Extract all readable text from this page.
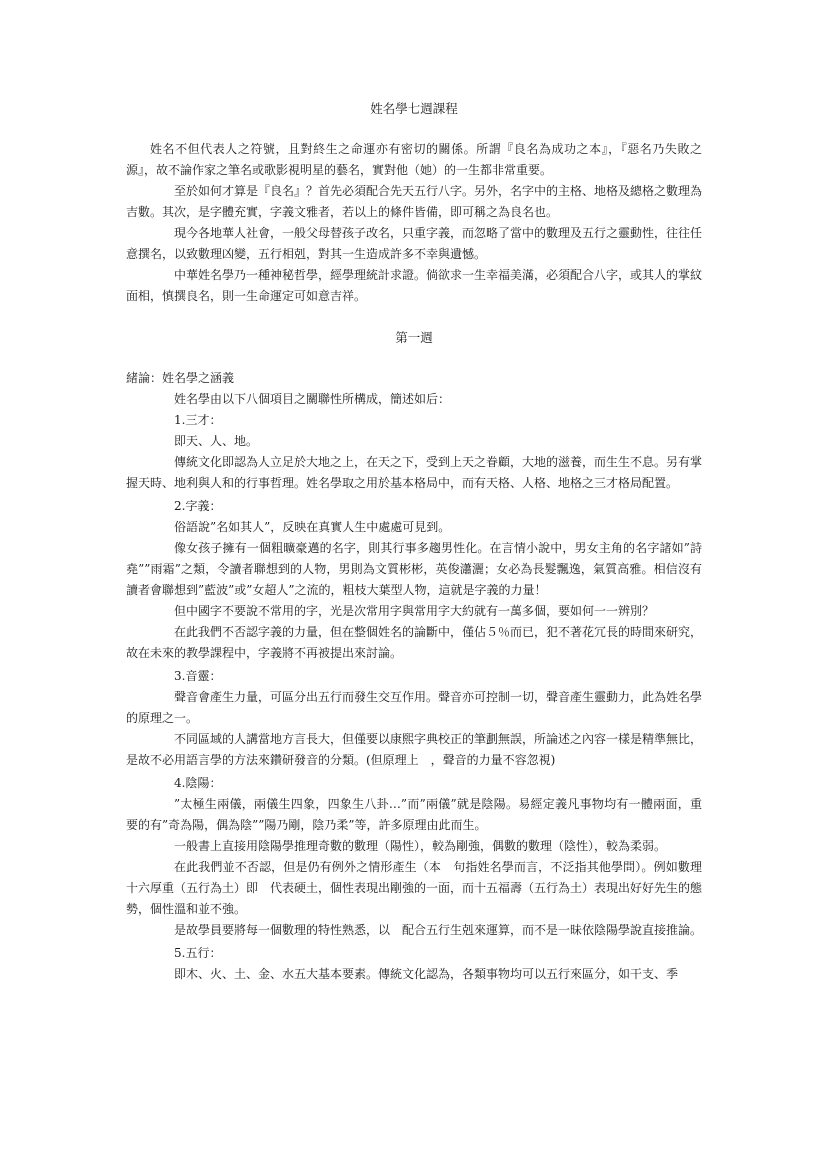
姓名學七週課程

姓名不但代表人之符號，且對終生之命運亦有密切的關係。所謂『良名為成功之本』，『惡名乃失敗之源』，故不論作家之筆名或歌影視明星的藝名，實對他（她）的一生都非常重要。

至於如何才算是『良名』？首先必須配合先天五行八字。另外，名字中的主格、地格及總格之數理為吉數。其次，是字體充實，字義文雅者，若以上的條件皆備，即可稱之為良名也。

現今各地華人社會，一般父母替孩子改名，只重字義，而忽略了當中的數理及五行之靈動性，往往任意撰名，以致數理凶變，五行相剋，對其一生造成許多不幸與遺憾。

中華姓名學乃一種神秘哲學，經學理統計求證。倘欲求一生幸福美滿，必須配合八字，或其人的掌紋面相，慎撰良名，則一生命運定可如意吉祥。

第一週

緒論：姓名學之涵義

姓名學由以下八個項目之關聯性所構成，簡述如后：

1.三才：

即天、人、地。

傳統文化即認為人立足於大地之上，在天之下，受到上天之眷顧，大地的滋養，而生生不息。另有掌握天時、地利與人和的行事哲理。姓名學取之用於基本格局中，而有天格、人格、地格之三才格局配置。

2.字義：

俗語說”名如其人”，反映在真實人生中處處可見到。

像女孩子擁有一個粗曠豪邁的名字，則其行事多趨男性化。在言情小說中，男女主角的名字諸如”詩堯””雨霜”之類，令讀者聯想到的人物，男則為文質彬彬，英俊瀟灑；女必為長髮飄逸，氣質高雅。相信沒有讀者會聯想到”藍波”或”女超人”之流的，粗枝大葉型人物，這就是字義的力量！

但中國字不要說不常用的字，光是次常用字與常用字大約就有一萬多個，要如何一一辨別？

在此我們不否認字義的力量，但在整個姓名的論斷中，僅佔５％而已，犯不著花冗長的時間來研究，故在未來的教學課程中，字義將不再被提出來討論。

3.音靈：

聲音會產生力量，可區分出五行而發生交互作用。聲音亦可控制一切，聲音產生靈動力，此為姓名學的原理之一。

不同區域的人講當地方言長大，但僅要以康熙字典校正的筆劃無誤，所論述之內容一樣是精準無比，是故不必用語言學的方法來鑽研發音的分類。(但原理上　，聲音的力量不容忽視)

4.陰陽：

”太極生兩儀，兩儀生四象，四象生八卦…”而”兩儀”就是陰陽。易經定義凡事物均有一體兩面，重要的有”奇為陽，偶為陰””陽乃剛，陰乃柔”等，許多原理由此而生。

一般書上直接用陰陽學推理奇數的數理（陽性），較為剛強，偶數的數理（陰性），較為柔弱。

在此我們並不否認，但是仍有例外之情形產生（本　句指姓名學而言，不泛指其他學問）。例如數理十六厚重（五行為土）即　代表硬土，個性表現出剛強的一面，而十五福壽（五行為土）表現出好好先生的態勢，個性溫和並不強。

是故學員要將每一個數理的特性熟悉，以　配合五行生剋來運算，而不是一昧依陰陽學說直接推論。

5.五行：

即木、火、土、金、水五大基本要素。傳統文化認為，各類事物均可以五行來區分，如干支、季
